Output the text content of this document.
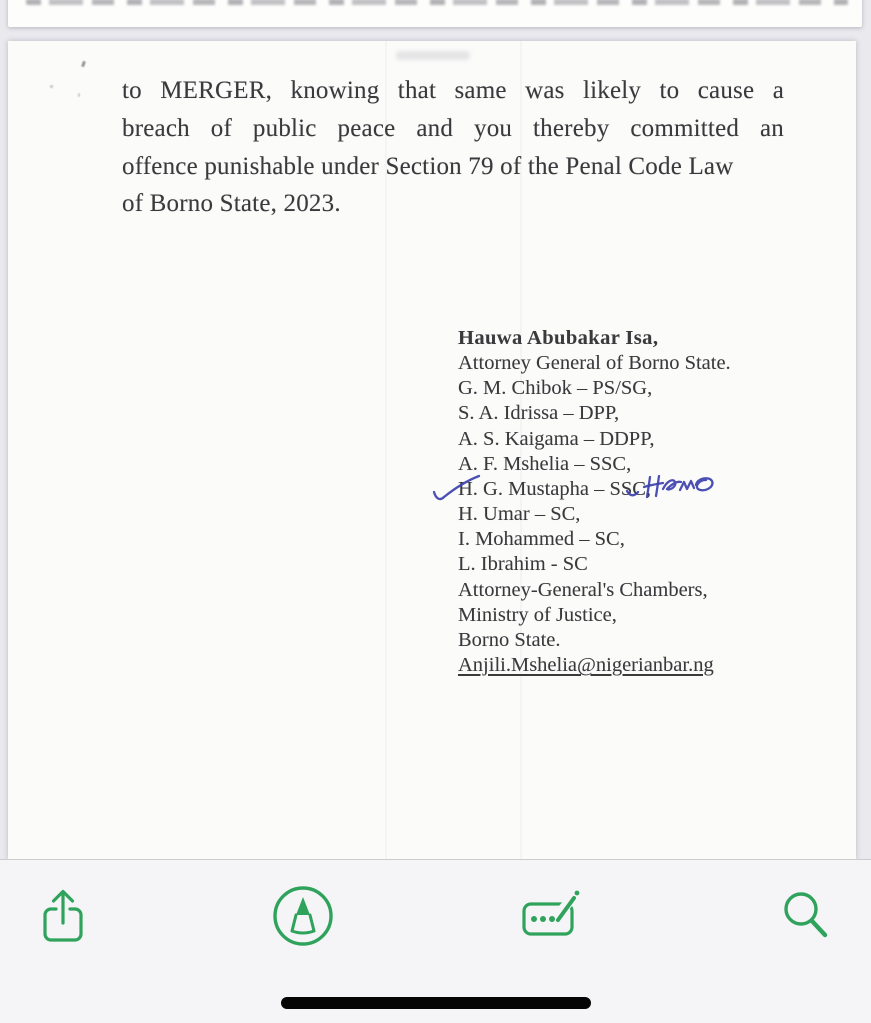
to MERGER, knowing that same was likely to cause a
breach of public peace and you thereby committed an
offence punishable under Section 79 of the Penal Code Law
of Borno State, 2023.
Hauwa Abubakar Isa,
Attorney General of Borno State.
G. M. Chibok – PS/SG,
S. A. Idrissa – DPP,
A. S. Kaigama – DDPP,
A. F. Mshelia – SSC,
H. G. Mustapha – SSC,
H. Umar – SC,
I. Mohammed – SC,
L. Ibrahim - SC
Attorney-General's Chambers,
Ministry of Justice,
Borno State.
Anjili.Mshelia@nigerianbar.ng
